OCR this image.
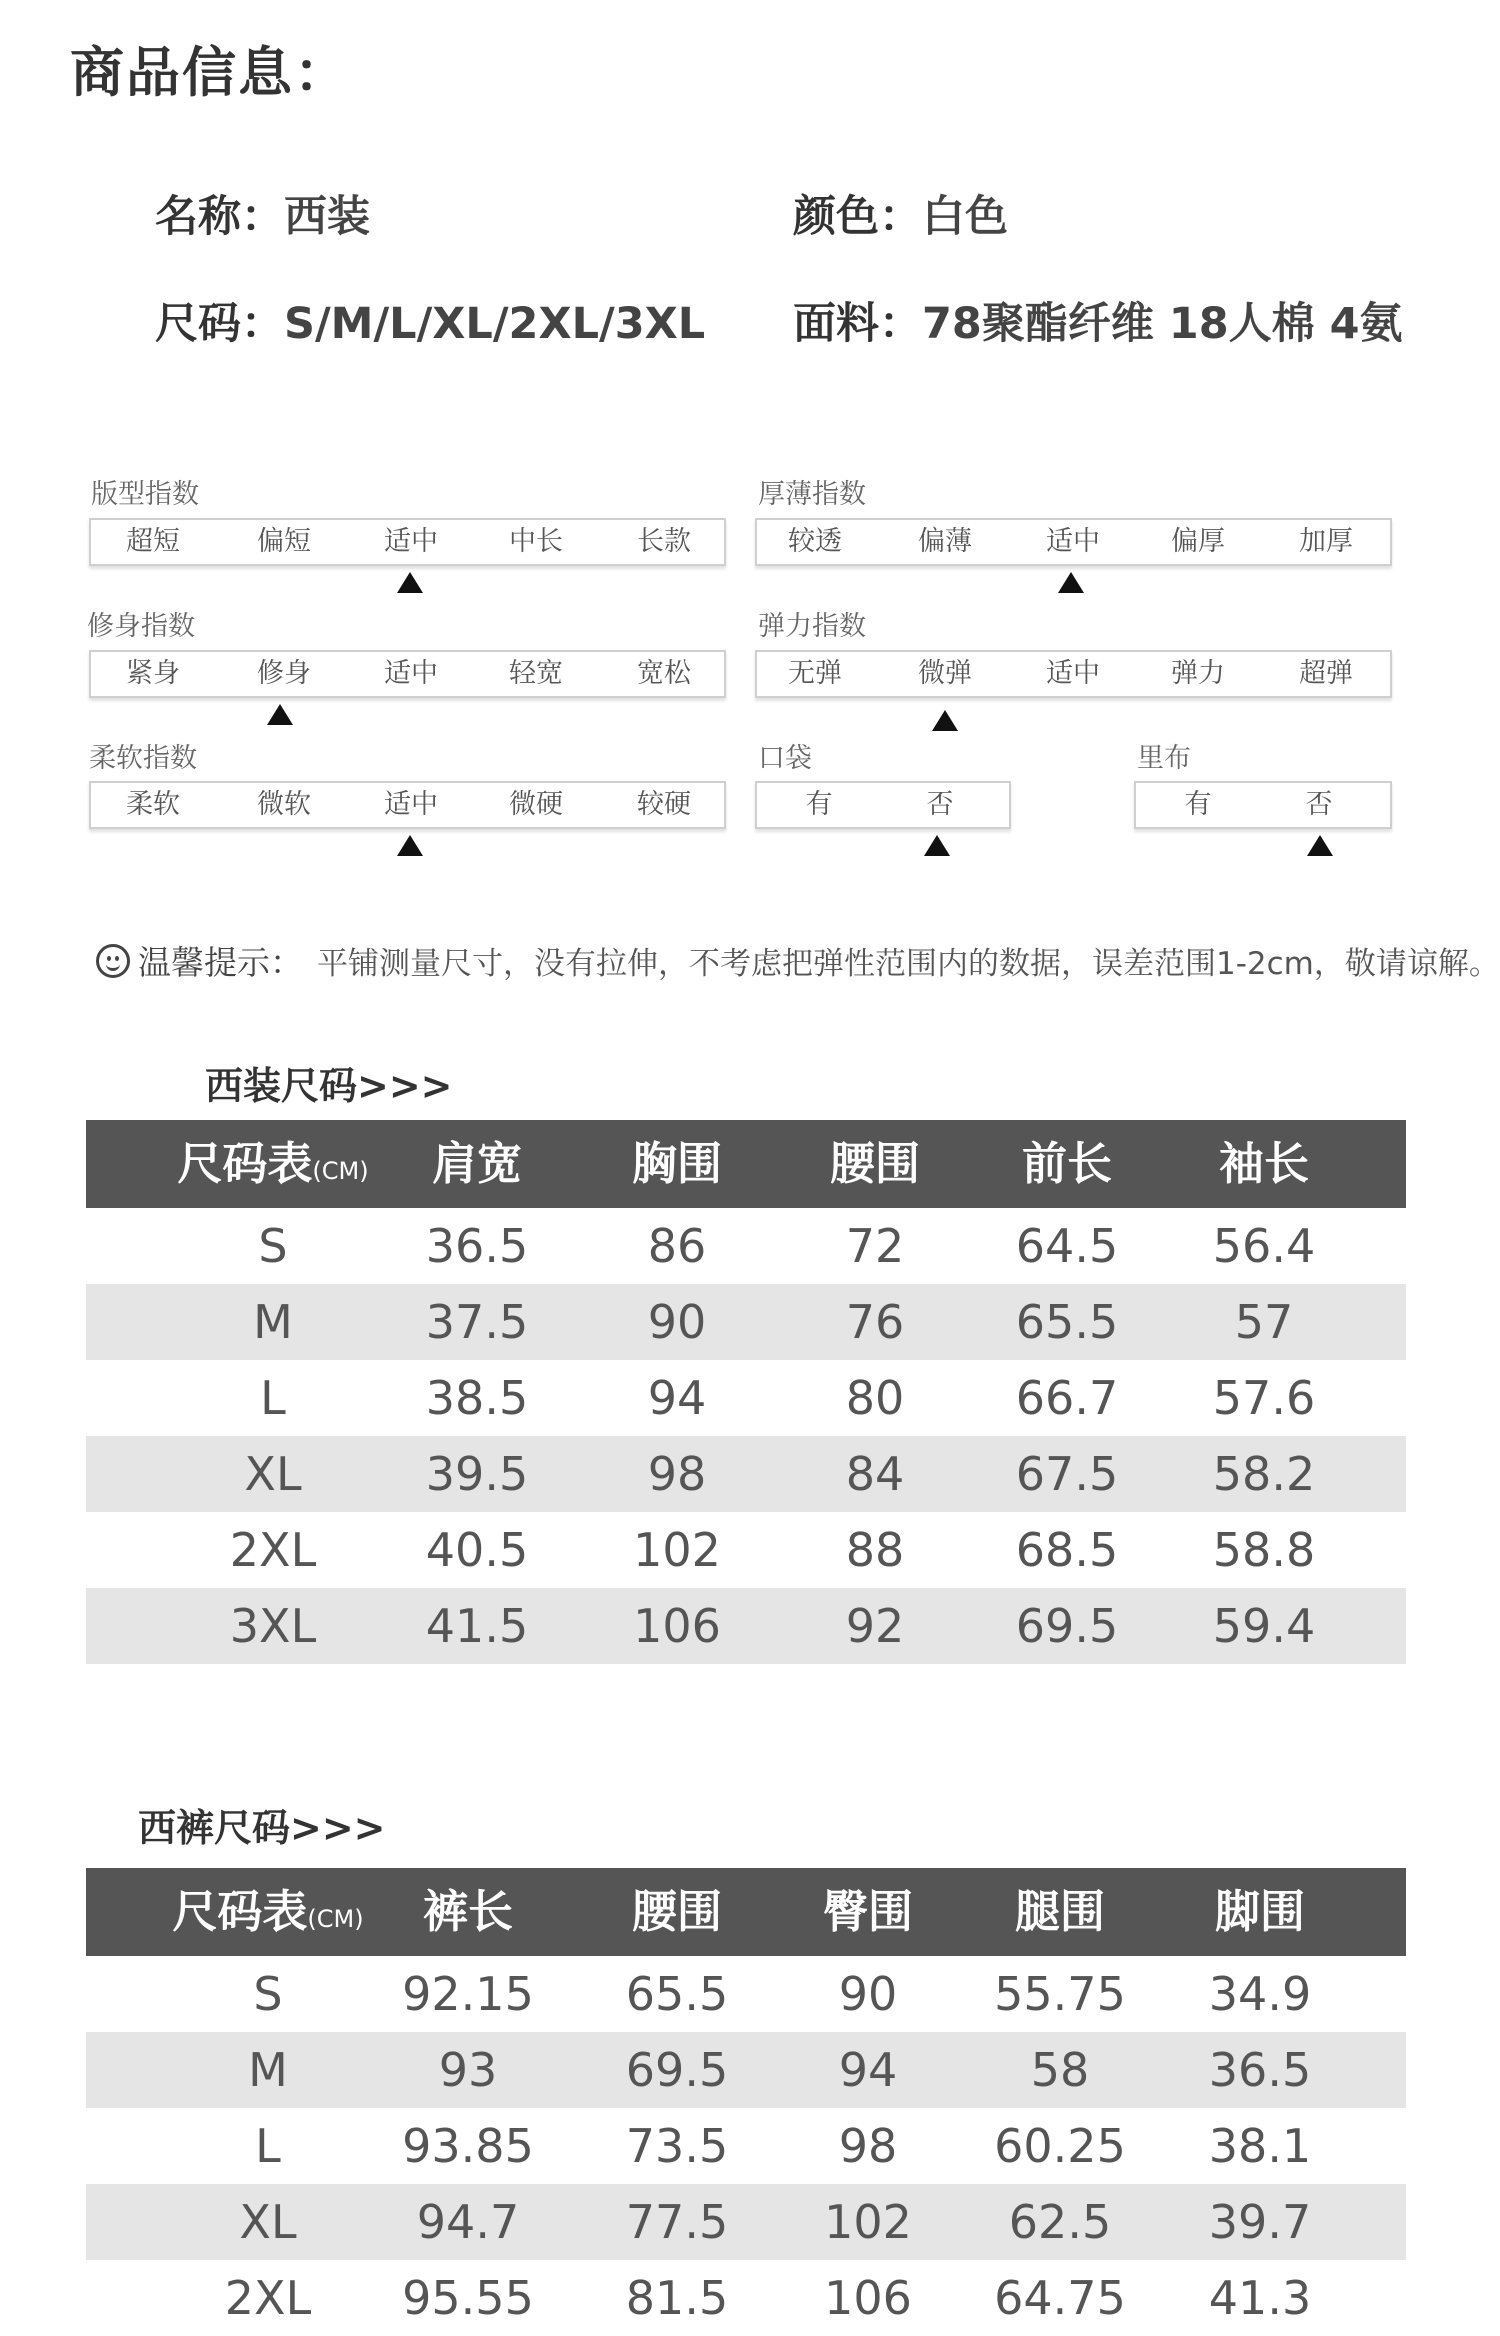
商品信息：
名称：西装	颜色：白色
尺码：S/M/L/XL/2XL/3XL 面料：78聚酯纤维 18人棉 4氨
版型指数	厚薄指数
修身指数	弹力指数
柔软指数	口袋	里布
超短	偏短	适中	中长	长款	较透	偏薄	适中	偏厚	加厚
紧身	修身	适中	轻宽	宽松	无弹	微弹	适中	弹力	超弹
柔软	微软	适中	微硬	较硬	有	否	有	否
温馨提示： 平铺测量尺寸，没有拉伸，不考虑把弹性范围内的数据，误差范围1-2cm，敬请谅解。
西装尺码>>>
尺码表(CM) 肩宽 胸围 腰围 前长 袖长
S	36.5	86	72 64.5 56.4
M	37.5	90	76 65.5	57
L	38.5	94	80 66.7 57.6
XL	39.5	98	84 67.5 58.2
2XL 40.5 102	88 68.5 58.8
3XL 41.5 106	92 69.5 59.4
西裤尺码>>>
尺码表(CM) 裤长	腰围 臀围 腿围 脚围
S	92.15 65.5 90 55.75 34.9
M	93	69.5 94	58	36.5
L	93.85 73.5 98 60.25 38.1
XL	94.7 77.5 102 62.5 39.7
2XL 95.55 81.5 106 64.75 41.3
